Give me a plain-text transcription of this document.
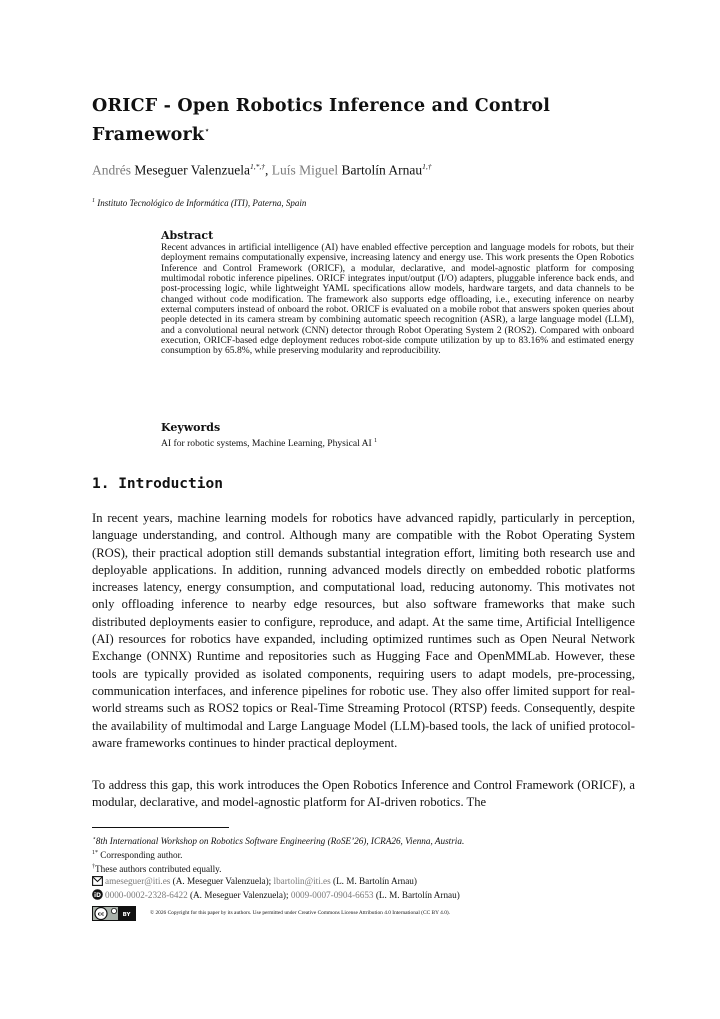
ORICF - Open Robotics Inference and Control Framework⋆
Andrés Meseguer Valenzuela$^{1,*,\dagger}$, Luís Miguel Bartolín Arnau$^{1,\dagger}$
$^1$ Instituto Tecnológico de Informática (ITI), Paterna, Spain
Abstract

Recent advances in artificial intelligence (AI) have enabled effective perception and language models for robots, but their deployment remains computationally expensive, increasing latency and energy use. This work presents the Open Robotics Inference and Control Framework (ORICF), a modular, declarative, and model-agnostic platform for composing multimodal robotic inference pipelines. ORICF integrates input/output (I/O) adapters, pluggable inference back ends, and post-processing logic, while lightweight YAML specifications allow models, hardware targets, and data channels to be changed without code modification. The framework also supports edge offloading, i.e., executing inference on nearby external computers instead of onboard the robot. ORICF is evaluated on a mobile robot that answers spoken queries about people detected in its camera stream by combining automatic speech recognition (ASR), a large language model (LLM), and a convolutional neural network (CNN) detector through Robot Operating System 2 (ROS2). Compared with onboard execution, ORICF-based edge deployment reduces robot-side compute utilization by up to 83.16% and estimated energy consumption by 65.8%, while preserving modularity and reproducibility.

Keywords

AI for robotic systems, Machine Learning, Physical AI $^1$

1. Introduction

In recent years, machine learning models for robotics have advanced rapidly, particularly in perception, language understanding, and control. Although many are compatible with the Robot Operating System (ROS), their practical adoption still demands substantial integration effort, limiting both research use and deployable applications. In addition, running advanced models directly on embedded robotic platforms increases latency, energy consumption, and computational load, reducing autonomy. This motivates not only offloading inference to nearby edge resources, but also software frameworks that make such distributed deployments easier to configure, reproduce, and adapt. At the same time, Artificial Intelligence (AI) resources for robotics have expanded, including optimized runtimes such as Open Neural Network Exchange (ONNX) Runtime and repositories such as Hugging Face and OpenMMLab. However, these tools are typically provided as isolated components, requiring users to adapt models, pre-processing, communication interfaces, and inference pipelines for robotic use. They also offer limited support for real-world streams such as ROS2 topics or Real-Time Streaming Protocol (RTSP) feeds. Consequently, despite the availability of multimodal and Large Language Model (LLM)-based tools, the lack of unified protocol-aware frameworks continues to hinder practical deployment.

To address this gap, this work introduces the Open Robotics Inference and Control Framework (ORICF), a modular, declarative, and model-agnostic platform for AI-driven robotics. The

⋆8th International Workshop on Robotics Software Engineering (RoSE’26), ICRA26, Vienna, Austria.
$^{1*}$ Corresponding author.
†These authors contributed equally.
ameseguer@iti.es (A. Meseguer Valenzuela); lbartolin@iti.es (L. M. Bartolín Arnau)
iD 0000-0002-2328-6422 (A. Meseguer Valenzuela); 0009-0007-0904-6653 (L. M. Bartolín Arnau)
cc	BY	© 2026 Copyright for this paper by its authors. Use permitted under Creative Commons License Attribution 4.0 International (CC BY 4.0).
